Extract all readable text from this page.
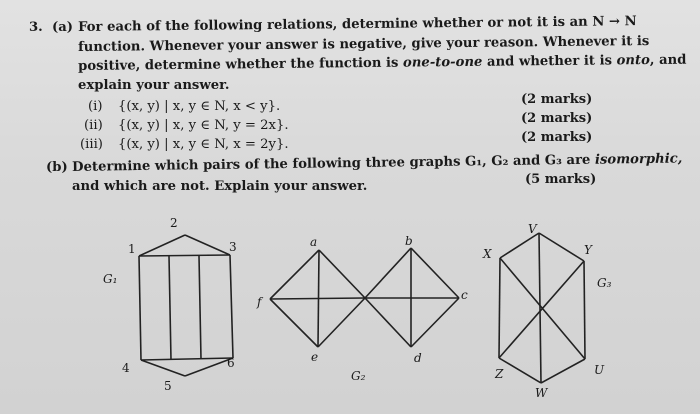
3. (a) For each of the following relations, determine whether or not it is an N → N
function. Whenever your answer is negative, give your reason. Whenever it is
positive, determine whether the function is one-to-one and whether it is onto, and
explain your answer.
(i) {(x, y) | x, y ∈ N, x < y}.	(2 marks)
(ii) {(x, y) | x, y ∈ N, y = 2x}.	(2 marks)
(iii) {(x, y) | x, y ∈ N, x = 2y}.	(2 marks)
(b) Determine which pairs of the following three graphs G₁, G₂ and G₃ are isomorphic,
and which are not. Explain your answer.	(5 marks)
1
2
3
4
5
6
G₁
a	b
c
d
e
f
G₂
V
X	Y
U
W
Z
G₃
